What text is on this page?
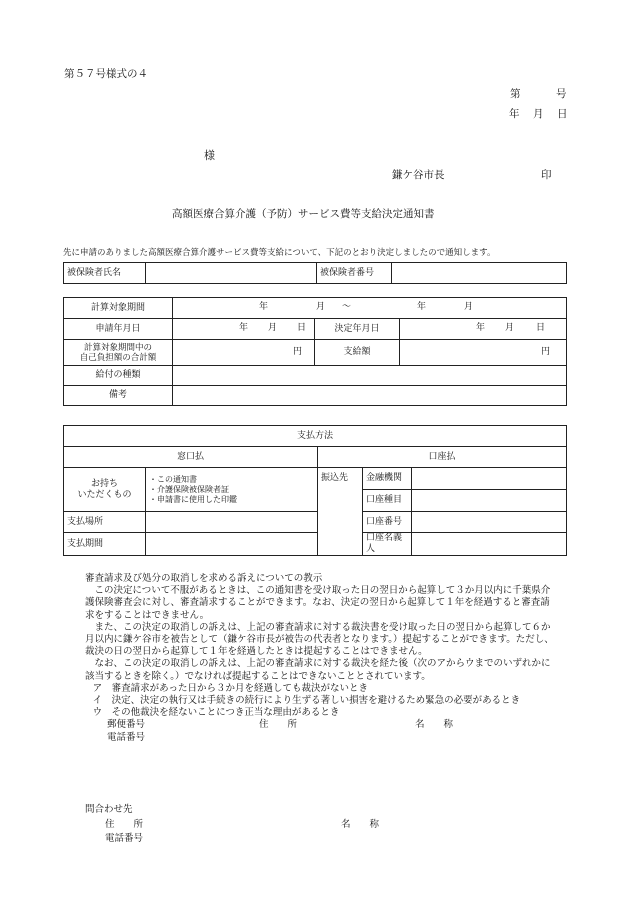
第５７号様式の４
第	号
年 月 日
様
鎌ケ谷市長	印
高額医療合算介護（予防）サービス費等支給決定通知書
先に申請のありました高額医療合算介護サービス費等支給について、下記のとおり決定しましたので通知します。
被保険者氏名		被保険者番号	
計算対象期間	年 月 ～ 年 月		

申請年月日	年 月 日	決定年月日	年 月 日

計算対象期間中の
自己負担額の合計額	円	支給額	円
給付の種類			
備考			
支払方法				
窓口払		口座払		
お持ち
いただくもの	・この通知書
・介護保険被保険者証
・申請書に使用した印鑑	振込先	金融機関	
			口座種目	
支払場所			口座番号	
支払期間			口座名義人	

審査請求及び処分の取消しを求める訴えについての教示

この決定について不服があるときは、この通知書を受け取った日の翌日から起算して３か月以内に千葉県介護保険審査会に対し、審査請求することができます。なお、決定の翌日から起算して１年を経過すると審査請求をすることはできません。

また、この決定の取消しの訴えは、上記の審査請求に対する裁決書を受け取った日の翌日から起算して６か月以内に鎌ケ谷市を被告として（鎌ケ谷市長が被告の代表者となります。）提起することができます。ただし、裁決の日の翌日から起算して１年を経過したときは提起することはできません。

なお、この決定の取消しの訴えは、上記の審査請求に対する裁決を経た後（次のアからウまでのいずれかに該当するときを除く。）でなければ提起することはできないこととされています。

ア　審査請求があった日から３か月を経過しても裁決がないとき

イ　決定、決定の執行又は手続きの続行により生ずる著しい損害を避けるため緊急の必要があるとき

ウ　その他裁決を経ないことにつき正当な理由があるとき

郵便番号	住　　所	名　　称

電話番号

問合わせ先
住　　所	名　　称
電話番号
